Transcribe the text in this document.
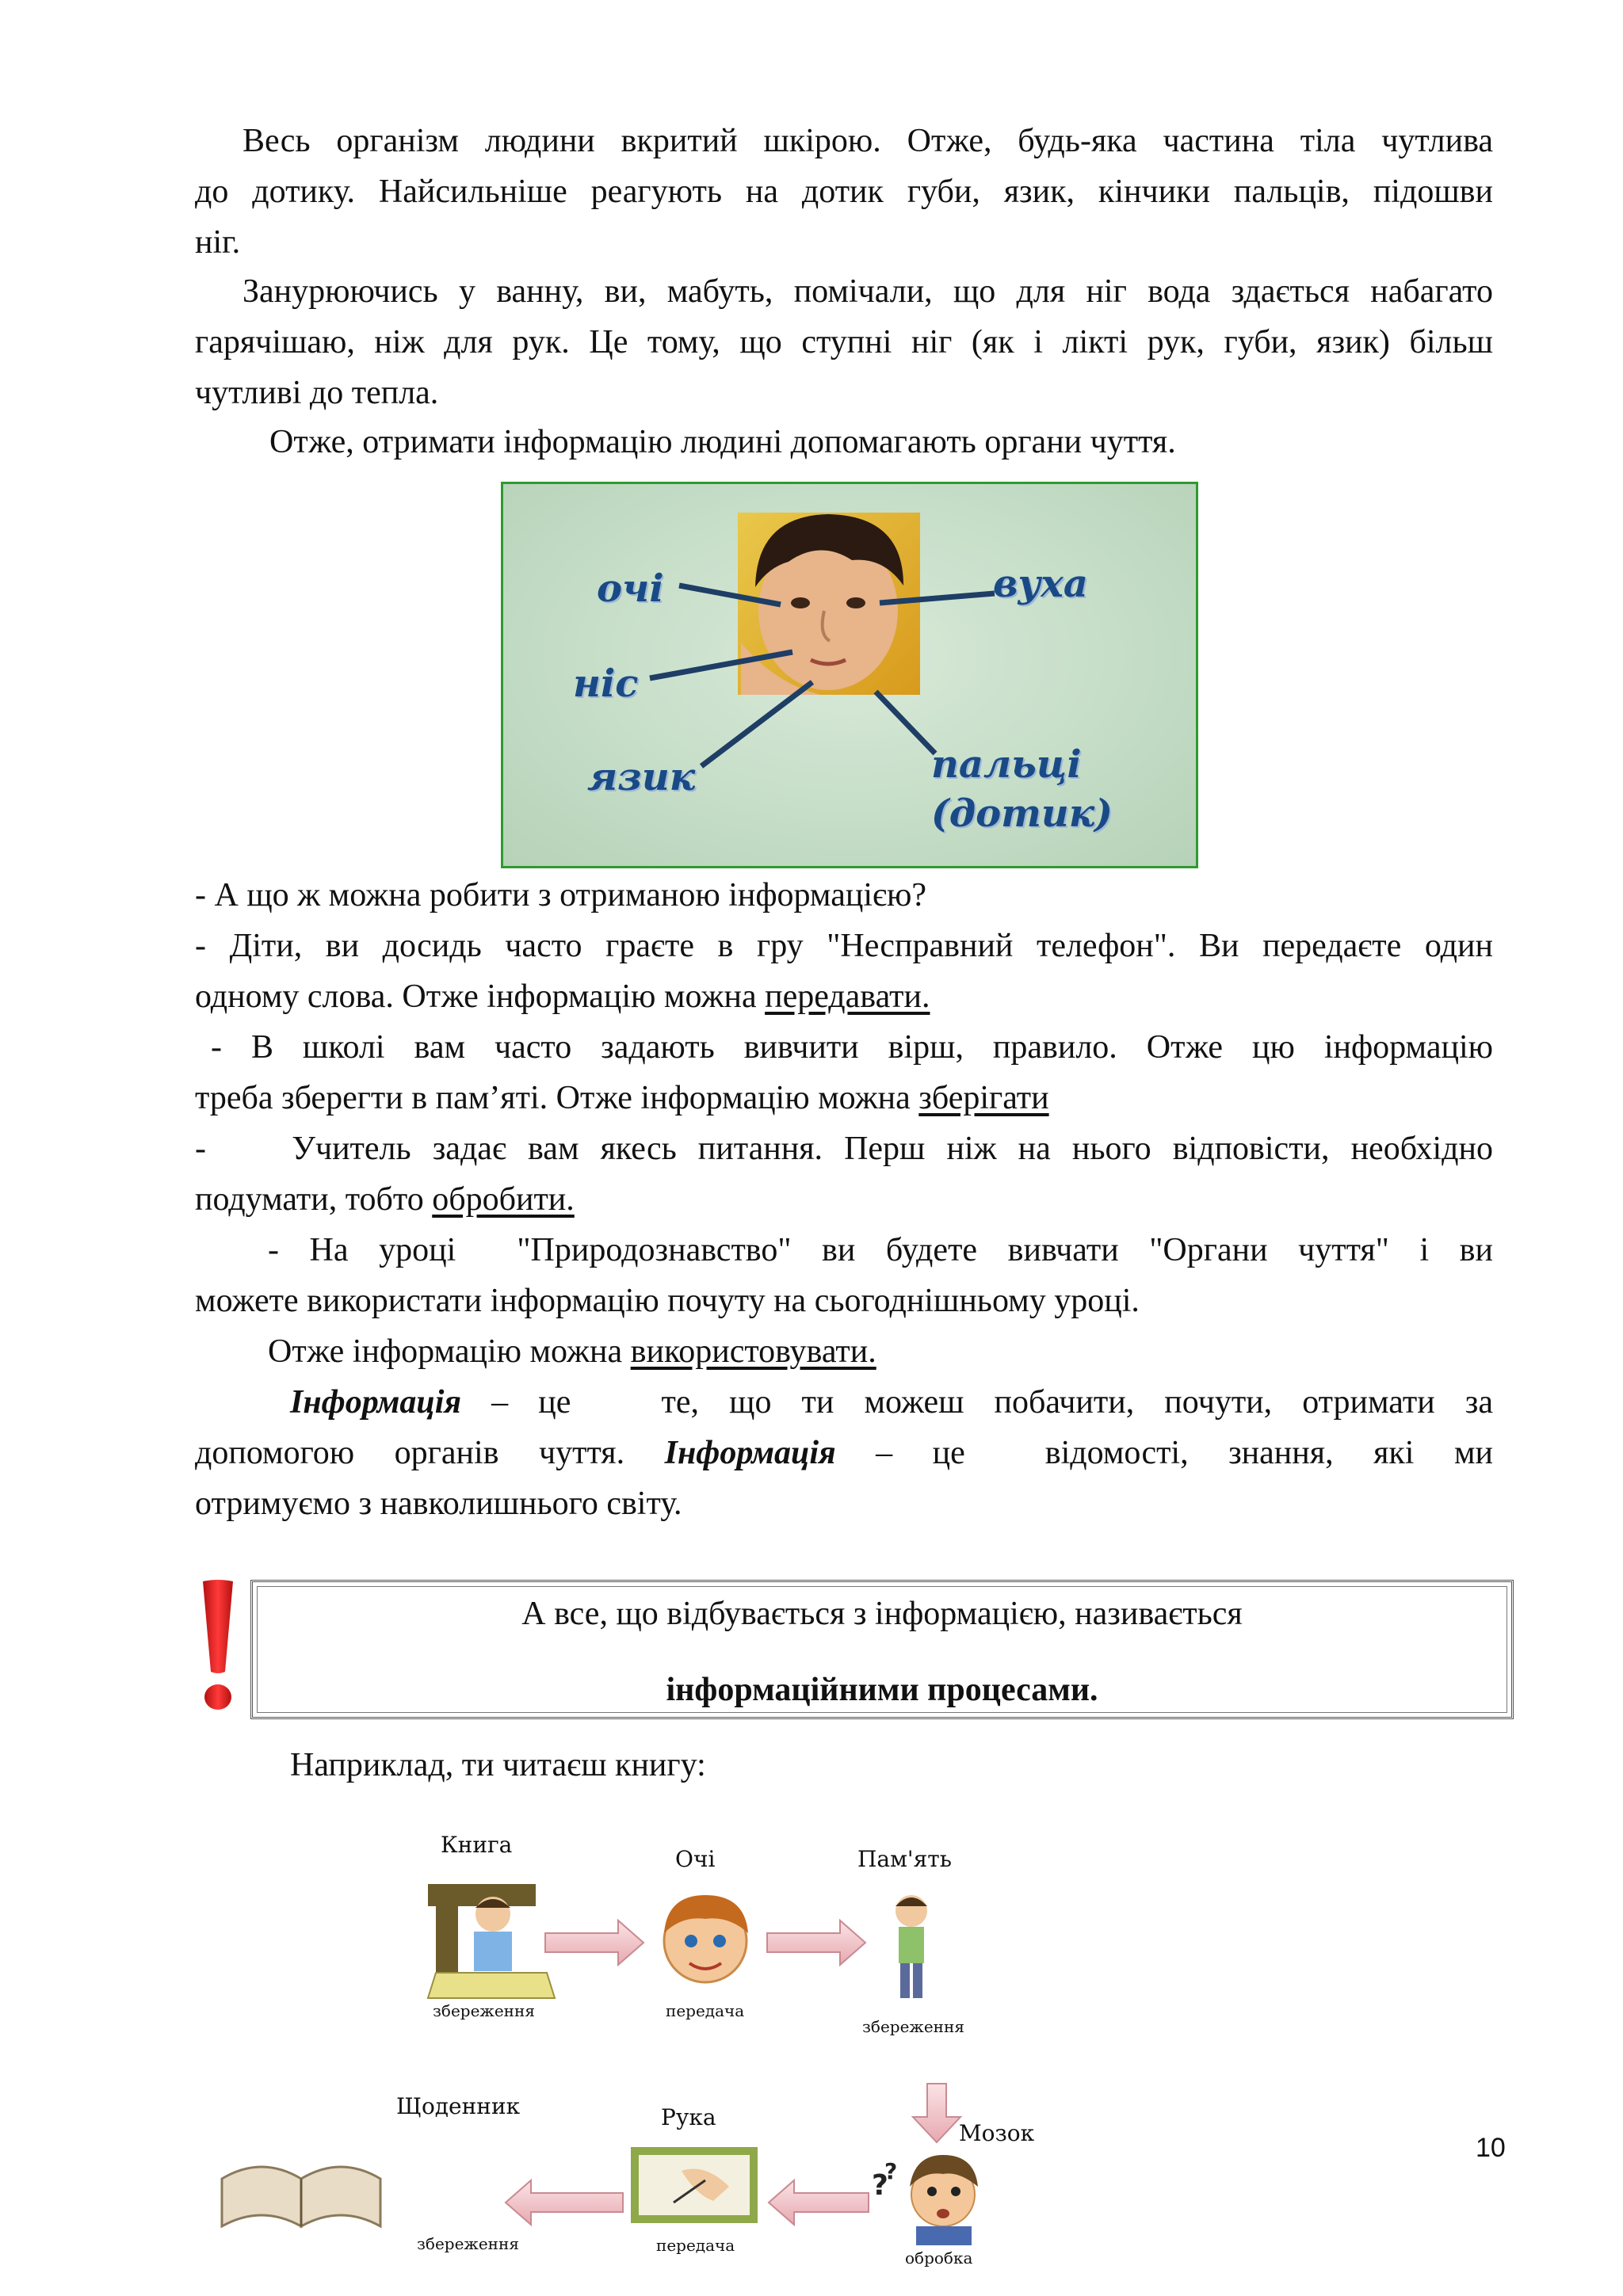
Весь організм людини вкритий шкірою. Отже, будь-яка частина тіла чутлива
до дотику. Найсильніше реагують на дотик губи, язик, кінчики пальців, підошви
ніг.
Занурюючись у ванну, ви, мабуть, помічали, що для ніг вода здається набагато
гарячішаю, ніж для рук. Це тому, що ступні ніг (як і лікті рук, губи, язик) більш
чутливі до тепла.
Отже, отримати інформацію людині допомагають органи чуття.
очі	вуха
ніс
язик	пальці
(дотик)
- А що ж можна робити з отриманою інформацією?
- Діти, ви досидь часто граєте в гру "Несправний телефон". Ви передаєте один
одному слова. Отже інформацію можна передавати.
- В школі вам часто задають вивчити вірш, правило. Отже цю інформацію
треба зберегти в пам’яті. Отже інформацію можна зберігати
-    Учитель задає вам якесь питання. Перш ніж на нього відповісти, необхідно
подумати, тобто обробити.
- На уроці  "Природознавство" ви будете вивчати "Органи чуття" і ви
можете використати інформацію почуту на сьогоднішньому уроці.
Отже інформацію можна використовувати.
Інформація – це   те, що ти можеш побачити, почути, отримати за
допомогою органів чуття. Інформація – це  відомості, знання, які ми
отримуємо з навколишнього світу.
А все, що відбувається з інформацією, називається
інформаційними процесами.
Наприклад, ти читаєш книгу:
?
?
Книга
збереження
Очі
передача
Пам'ять
збереження
Мозок
обробка
Рука
передача
Щоденник
збереження
10
